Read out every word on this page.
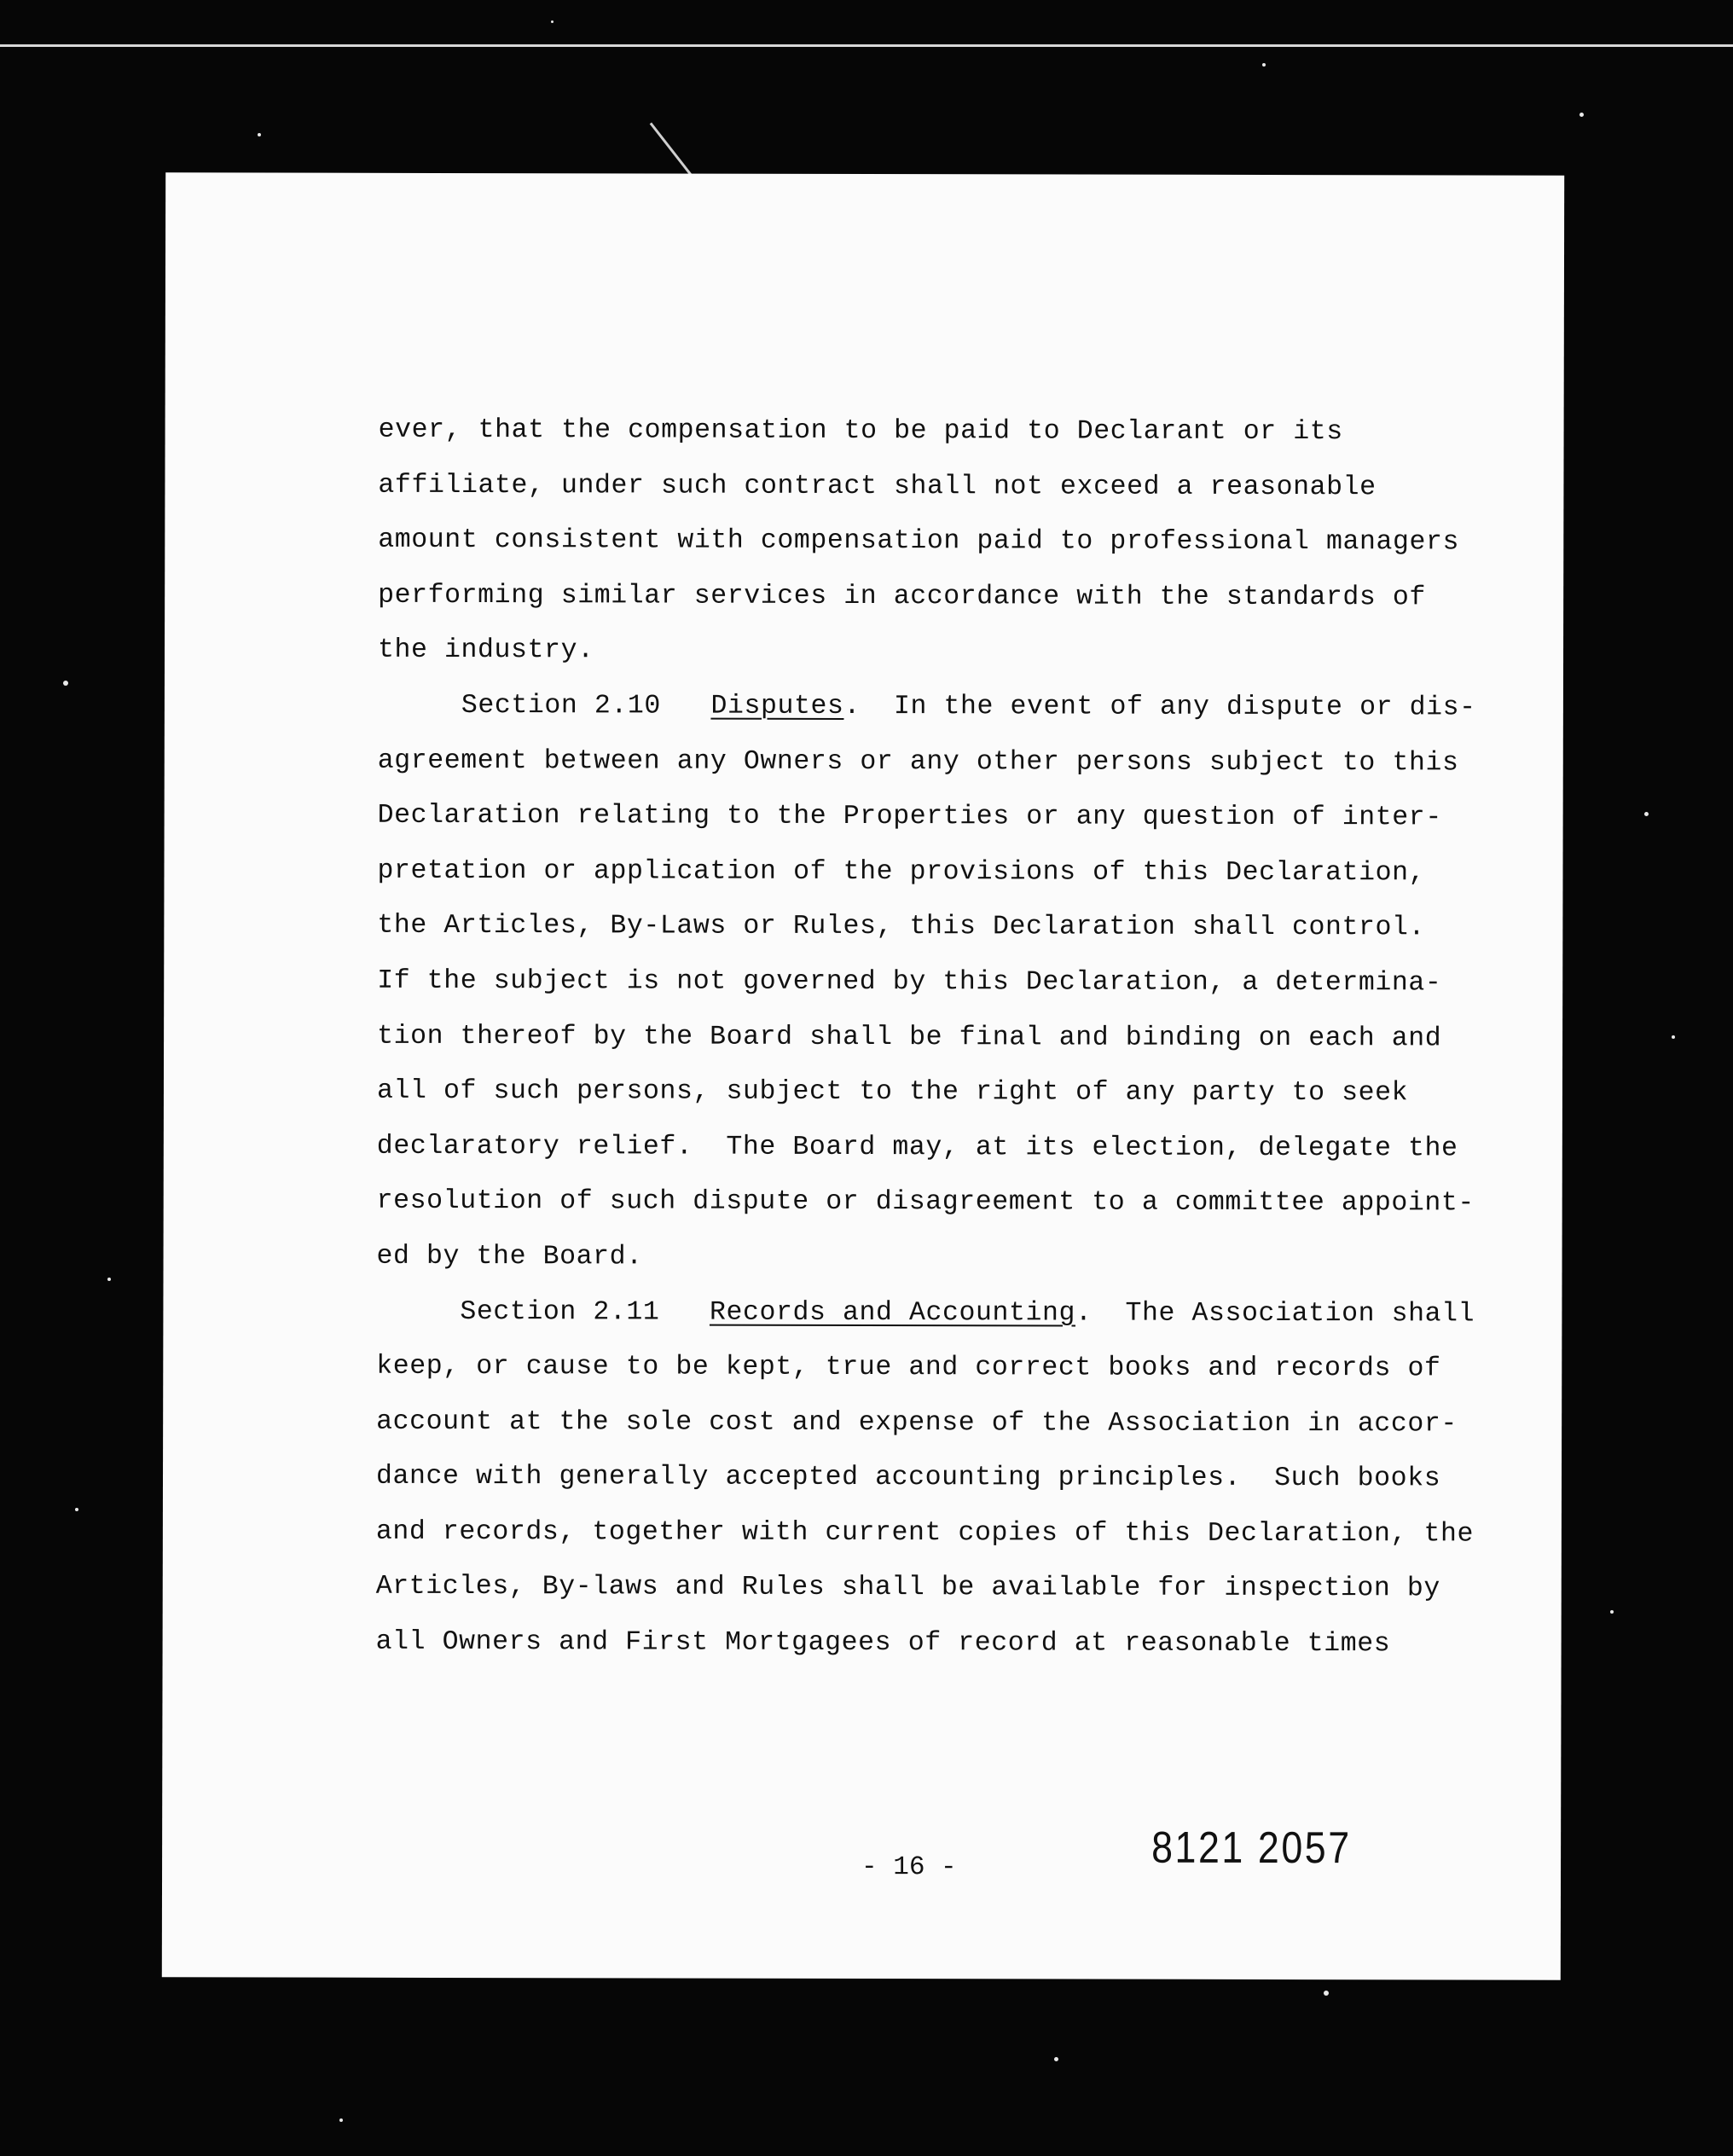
ever, that the compensation to be paid to Declarant or its
affiliate, under such contract shall not exceed a reasonable
amount consistent with compensation paid to professional managers
performing similar services in accordance with the standards of
the industry.
Section 2.10   Disputes.  In the event of any dispute or dis-
agreement between any Owners or any other persons subject to this
Declaration relating to the Properties or any question of inter-
pretation or application of the provisions of this Declaration,
the Articles, By-Laws or Rules, this Declaration shall control.
If the subject is not governed by this Declaration, a determina-
tion thereof by the Board shall be final and binding on each and
all of such persons, subject to the right of any party to seek
declaratory relief.  The Board may, at its election, delegate the
resolution of such dispute or disagreement to a committee appoint-
ed by the Board.
Section 2.11   Records and Accounting.  The Association shall
keep, or cause to be kept, true and correct books and records of
account at the sole cost and expense of the Association in accor-
dance with generally accepted accounting principles.  Such books
and records, together with current copies of this Declaration, the
Articles, By-laws and Rules shall be available for inspection by
all Owners and First Mortgagees of record at reasonable times
- 16 -	8121 2057
